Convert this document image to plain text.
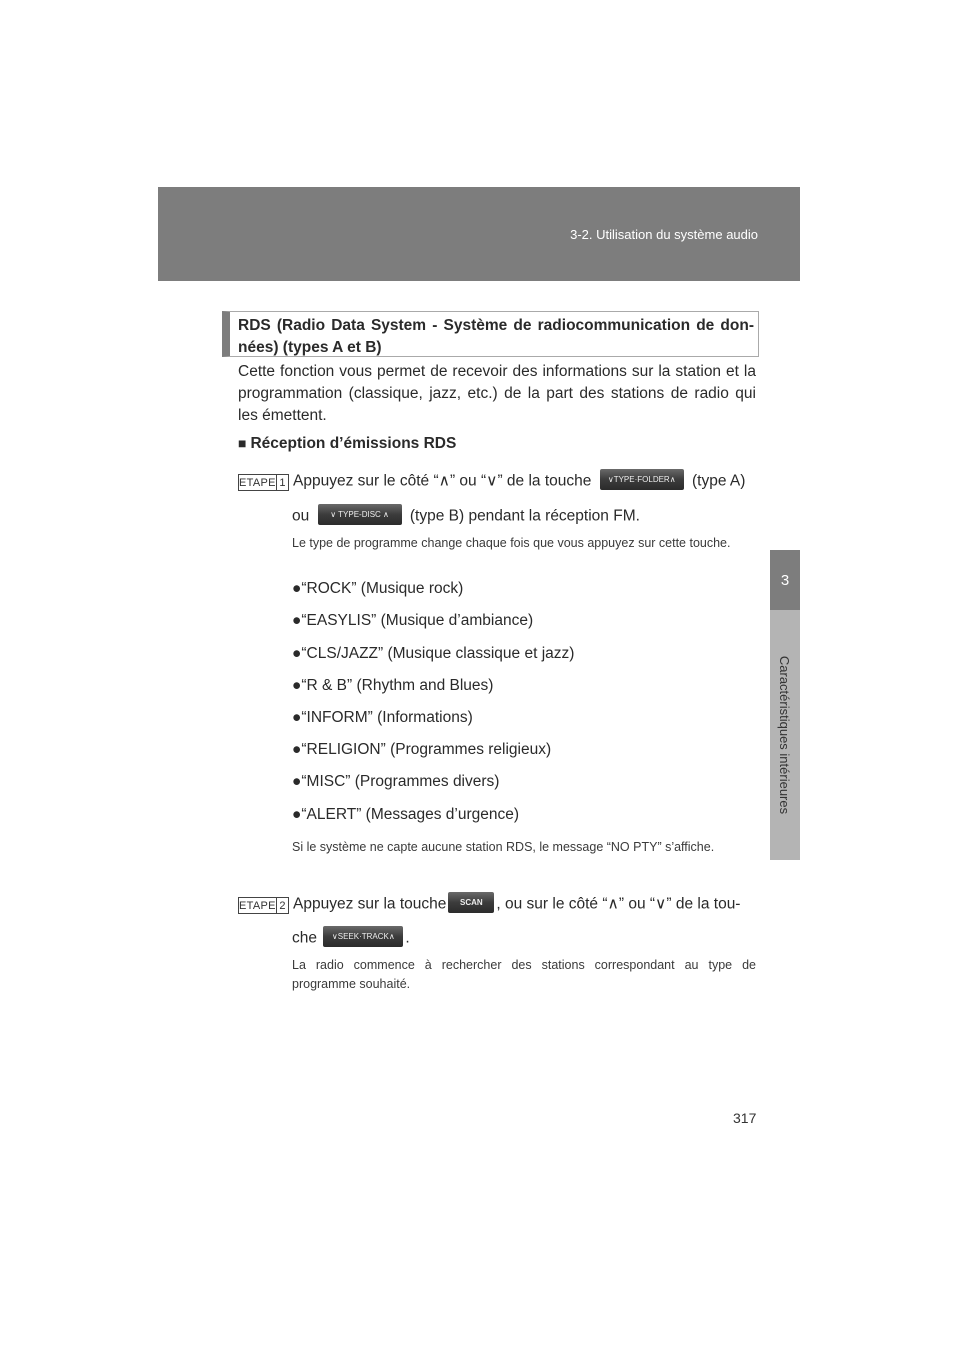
3-2. Utilisation du système audio
3
Caractéristiques intérieures
RDS (Radio Data System - Système de radiocommunication de don-nées) (types A et B)
Cette fonction vous permet de recevoir des informations sur la station et la programmation (classique, jazz, etc.) de la part des stations de radio qui les émettent.
■ Réception d’émissions RDS
ETAPE 1 Appuyez sur le côté “∧” ou “∨” de la touche ∨TYPE·FOLDER∧ (type A)
ou	∨ TYPE-DISC ∧ (type B) pendant la réception FM.
Le type de programme change chaque fois que vous appuyez sur cette touche.
●“ROCK” (Musique rock)
●“EASYLIS” (Musique d’ambiance)
●“CLS/JAZZ” (Musique classique et jazz)
●“R & B” (Rhythm and Blues)
●“INFORM” (Informations)
●“RELIGION” (Programmes religieux)
●“MISC” (Programmes divers)
●“ALERT” (Messages d’urgence)
Si le système ne capte aucune station RDS, le message “NO PTY” s’affiche.
ETAPE 2 Appuyez sur la touche SCAN , ou sur le côté “∧” ou “∨” de la tou-
che ∨SEEK·TRACK∧ .
La radio commence à rechercher des stations correspondant au type de programme souhaité.
317
